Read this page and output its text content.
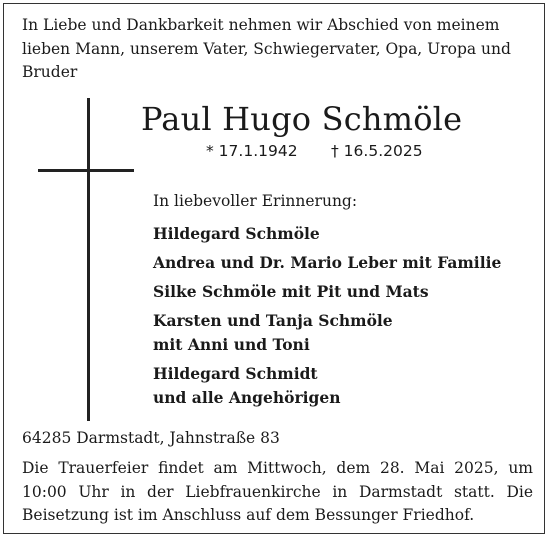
In Liebe und Dankbarkeit nehmen wir Abschied von meinem lieben Mann, unserem Vater, Schwiegervater, Opa, Uropa und Bruder
Paul Hugo Schmöle
* 17.1.1942 † 16.5.2025
In liebevoller Erinnerung:
Hildegard Schmöle
Andrea und Dr. Mario Leber mit Familie
Silke Schmöle mit Pit und Mats
Karsten und Tanja Schmöle
mit Anni und Toni
Hildegard Schmidt
und alle Angehörigen
64285 Darmstadt, Jahnstraße 83
Die Trauerfeier findet am Mittwoch, dem 28. Mai 2025, um 10:00 Uhr in der Liebfrauenkirche in Darmstadt statt. Die Beisetzung ist im Anschluss auf dem Bessunger Friedhof.
